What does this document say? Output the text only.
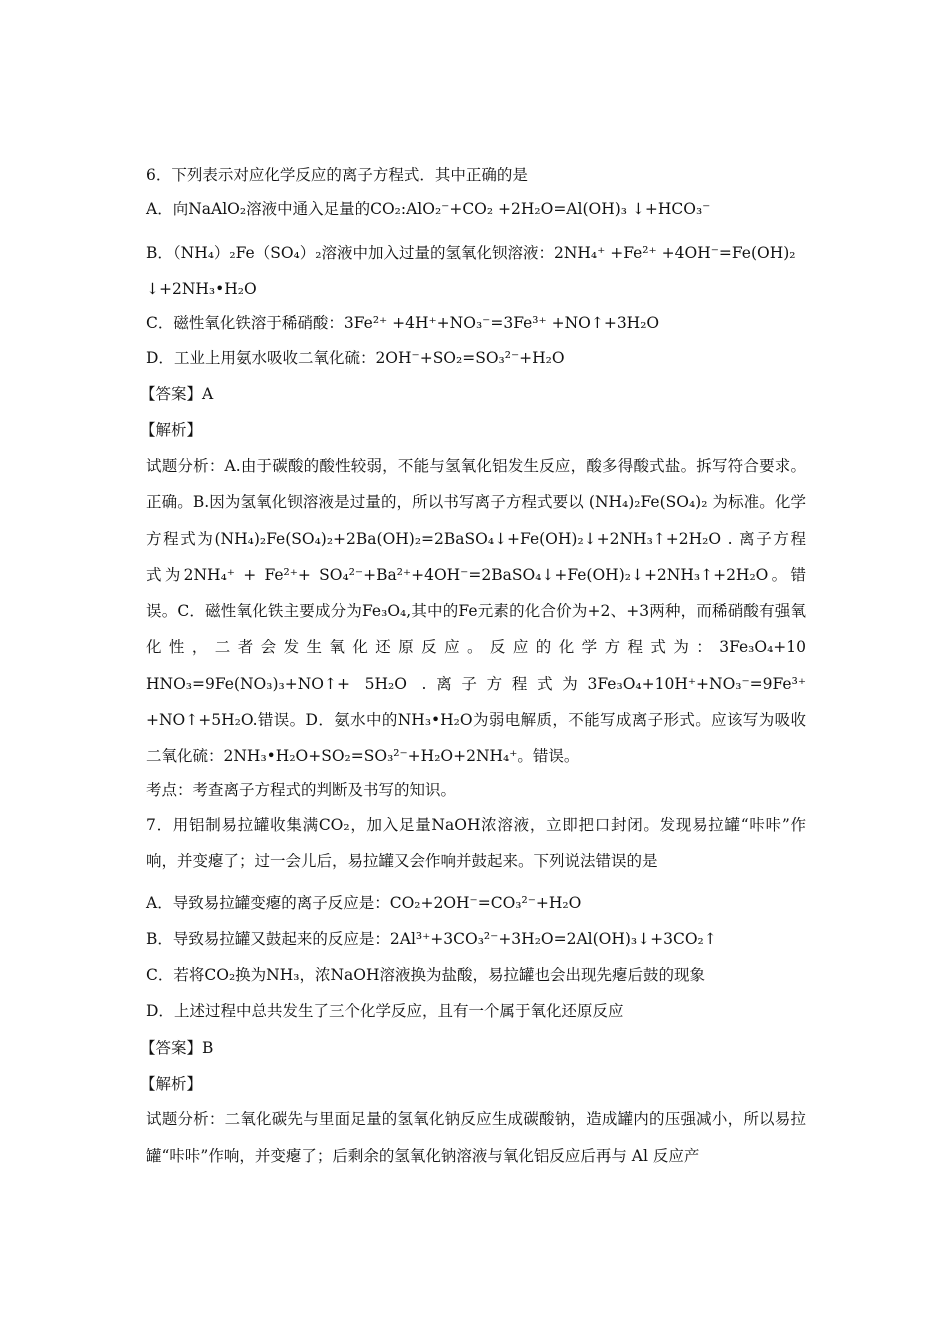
6．下列表示对应化学反应的离子方程式．其中正确的是
A．向NaAlO₂溶液中通入足量的CO₂:AlO₂⁻+CO₂ +2H₂O=Al(OH)₃ ↓+HCO₃⁻
B．（NH₄）₂Fe（SO₄）₂溶液中加入过量的氢氧化钡溶液：2NH₄⁺ +Fe²⁺ +4OH⁻=Fe(OH)₂ ↓+2NH₃•H₂O
C．磁性氧化铁溶于稀硝酸：3Fe²⁺ +4H⁺+NO₃⁻=3Fe³⁺ +NO↑+3H₂O
D．工业上用氨水吸收二氧化硫：2OH⁻+SO₂=SO₃²⁻+H₂O
【答案】A
【解析】
试题分析：A.由于碳酸的酸性较弱，不能与氢氧化铝发生反应，酸多得酸式盐。拆写符合要求。正确。B.因为氢氧化钡溶液是过量的，所以书写离子方程式要以 (NH₄)₂Fe(SO₄)₂ 为标准。化学方程式为(NH₄)₂Fe(SO₄)₂+2Ba(OH)₂=2BaSO₄↓+Fe(OH)₂↓+2NH₃↑+2H₂O . 离子方程式为2NH₄⁺ + Fe²⁺+ SO₄²⁻+Ba²⁺+4OH⁻=2BaSO₄↓+Fe(OH)₂↓+2NH₃↑+2H₂O。错误。C．磁性氧化铁主要成分为Fe₃O₄,其中的Fe元素的化合价为+2、+3两种，而稀硝酸有强氧化性，二者会发生氧化还原反应。反应的化学方程式为：3Fe₃O₄+10 HNO₃=9Fe(NO₃)₃+NO↑+ 5H₂O .离子方程式为3Fe₃O₄+10H⁺+NO₃⁻=9Fe³⁺ +NO↑+5H₂O.错误。D．氨水中的NH₃•H₂O为弱电解质，不能写成离子形式。应该写为吸收二氧化硫：2NH₃•H₂O+SO₂=SO₃²⁻+H₂O+2NH₄⁺。错误。
考点：考查离子方程式的判断及书写的知识。
7．用铝制易拉罐收集满CO₂，加入足量NaOH浓溶液，立即把口封闭。发现易拉罐“咔咔”作响，并变瘪了；过一会儿后，易拉罐又会作响并鼓起来。下列说法错误的是
A．导致易拉罐变瘪的离子反应是：CO₂+2OH⁻=CO₃²⁻+H₂O
B．导致易拉罐又鼓起来的反应是：2Al³⁺+3CO₃²⁻+3H₂O=2Al(OH)₃↓+3CO₂↑
C．若将CO₂换为NH₃，浓NaOH溶液换为盐酸，易拉罐也会出现先瘪后鼓的现象
D．上述过程中总共发生了三个化学反应，且有一个属于氧化还原反应
【答案】B
【解析】
试题分析：二氧化碳先与里面足量的氢氧化钠反应生成碳酸钠，造成罐内的压强减小，所以易拉罐“咔咔”作响，并变瘪了；后剩余的氢氧化钠溶液与氧化铝反应后再与 Al 反应产
